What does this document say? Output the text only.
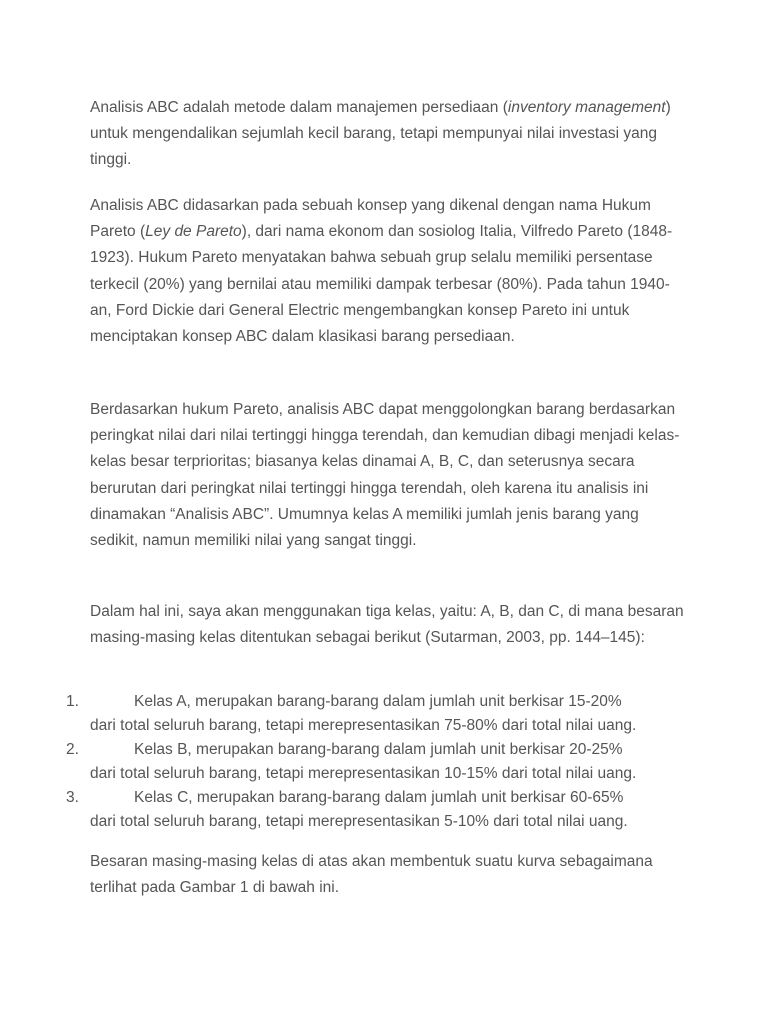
Analisis ABC adalah metode dalam manajemen persediaan (inventory management) untuk mengendalikan sejumlah kecil barang, tetapi mempunyai nilai investasi yang tinggi.

Analisis ABC didasarkan pada sebuah konsep yang dikenal dengan nama Hukum Pareto (Ley de Pareto), dari nama ekonom dan sosiolog Italia, Vilfredo Pareto (1848-1923). Hukum Pareto menyatakan bahwa sebuah grup selalu memiliki persentase terkecil (20%) yang bernilai atau memiliki dampak terbesar (80%). Pada tahun 1940-an, Ford Dickie dari General Electric mengembangkan konsep Pareto ini untuk menciptakan konsep ABC dalam klasikasi barang persediaan.

Berdasarkan hukum Pareto, analisis ABC dapat menggolongkan barang berdasarkan peringkat nilai dari nilai tertinggi hingga terendah, dan kemudian dibagi menjadi kelas-kelas besar terprioritas; biasanya kelas dinamai A, B, C, dan seterusnya secara berurutan dari peringkat nilai tertinggi hingga terendah, oleh karena itu analisis ini dinamakan “Analisis ABC”. Umumnya kelas A memiliki jumlah jenis barang yang sedikit, namun memiliki nilai yang sangat tinggi.

Dalam hal ini, saya akan menggunakan tiga kelas, yaitu: A, B, dan C, di mana besaran masing-masing kelas ditentukan sebagai berikut (Sutarman, 2003, pp. 144–145):

1.	Kelas A, merupakan barang-barang dalam jumlah unit berkisar 15-20%
dari total seluruh barang, tetapi merepresentasikan 75-80% dari total nilai uang.
2.	Kelas B, merupakan barang-barang dalam jumlah unit berkisar 20-25%
dari total seluruh barang, tetapi merepresentasikan 10-15% dari total nilai uang.
3.	Kelas C, merupakan barang-barang dalam jumlah unit berkisar 60-65%
dari total seluruh barang, tetapi merepresentasikan 5-10% dari total nilai uang.

Besaran masing-masing kelas di atas akan membentuk suatu kurva sebagaimana terlihat pada Gambar 1 di bawah ini.
